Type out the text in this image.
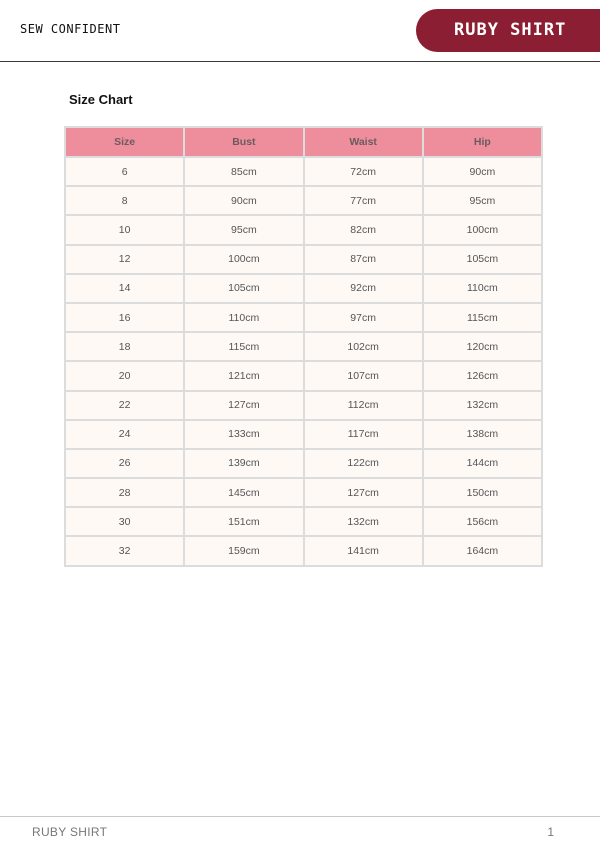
SEW CONFIDENT	RUBY SHIRT
Size Chart
Size	Bust	Waist	Hip
6	85cm	72cm	90cm
8	90cm	77cm	95cm
10	95cm	82cm	100cm
12	100cm	87cm	105cm
14	105cm	92cm	110cm
16	110cm	97cm	115cm
18	115cm	102cm	120cm
20	121cm	107cm	126cm
22	127cm	112cm	132cm
24	133cm	117cm	138cm
26	139cm	122cm	144cm
28	145cm	127cm	150cm
30	151cm	132cm	156cm
32	159cm	141cm	164cm
RUBY SHIRT	1
